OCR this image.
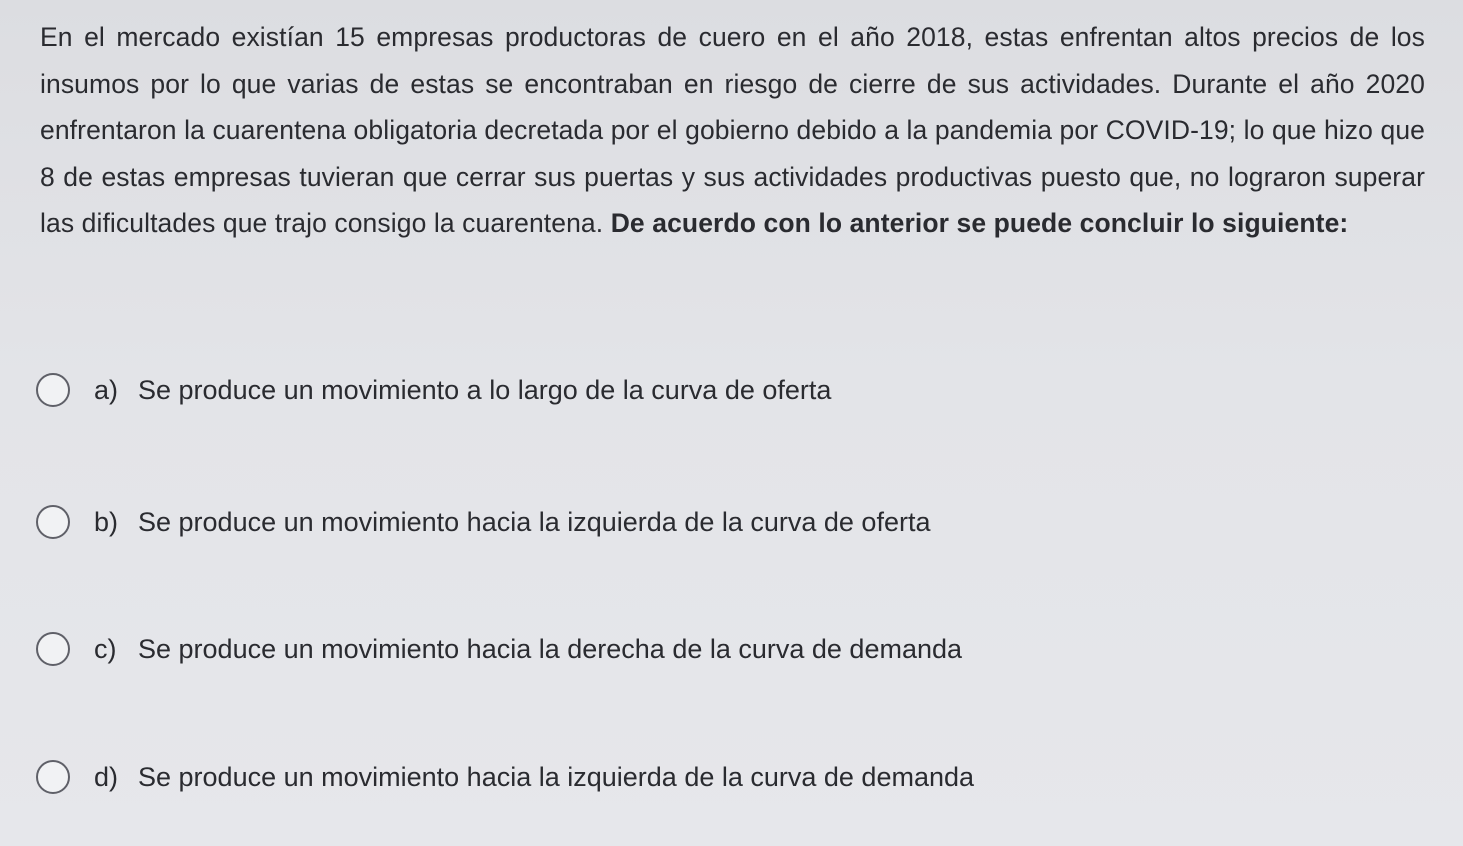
En el mercado existían 15 empresas productoras de cuero en el año 2018, estas enfrentan altos precios de los insumos por lo que varias de estas se encontraban en riesgo de cierre de sus actividades. Durante el año 2020 enfrentaron la cuarentena obligatoria decretada por el gobierno debido a la pandemia por COVID-19; lo que hizo que 8 de estas empresas tuvieran que cerrar sus puertas y sus actividades productivas puesto que, no lograron superar las dificultades que trajo consigo la cuarentena. De acuerdo con lo anterior se puede concluir lo siguiente:
a) Se produce un movimiento a lo largo de la curva de oferta
b) Se produce un movimiento hacia la izquierda de la curva de oferta
c) Se produce un movimiento hacia la derecha de la curva de demanda
d) Se produce un movimiento hacia la izquierda de la curva de demanda
